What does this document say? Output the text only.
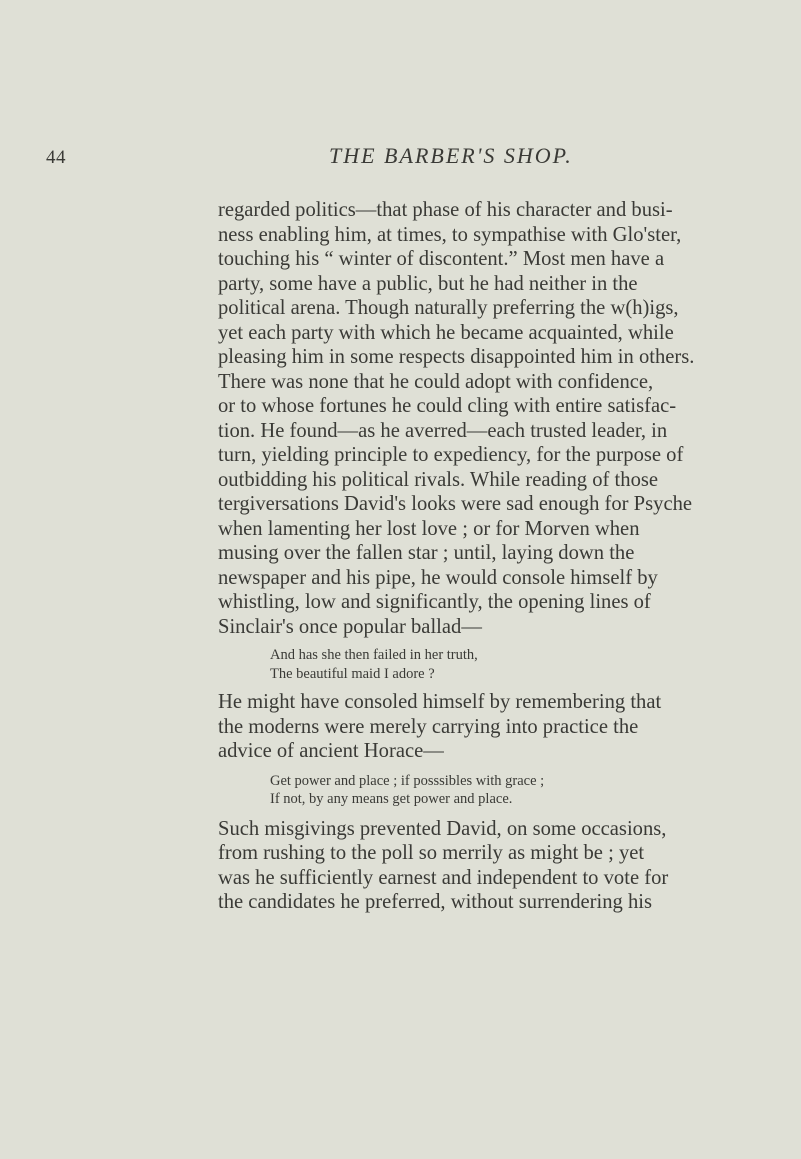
44	THE BARBER'S SHOP.
regarded politics—that phase of his character and busi-
ness enabling him, at times, to sympathise with Glo'ster,
touching his “ winter of discontent.” Most men have a
party, some have a public, but he had neither in the
political arena. Though naturally preferring the w(h)igs,
yet each party with which he became acquainted, while
pleasing him in some respects disappointed him in others.
There was none that he could adopt with confidence,
or to whose fortunes he could cling with entire satisfac-
tion. He found—as he averred—each trusted leader, in
turn, yielding principle to expediency, for the purpose of
outbidding his political rivals. While reading of those
tergiversations David's looks were sad enough for Psyche
when lamenting her lost love ; or for Morven when
musing over the fallen star ; until, laying down the
newspaper and his pipe, he would console himself by
whistling, low and significantly, the opening lines of
Sinclair's once popular ballad—
And has she then failed in her truth,
The beautiful maid I adore ?
He might have consoled himself by remembering that
the moderns were merely carrying into practice the
advice of ancient Horace—
Get power and place ; if posssibles with grace ;
If not, by any means get power and place.
Such misgivings prevented David, on some occasions,
from rushing to the poll so merrily as might be ; yet
was he sufficiently earnest and independent to vote for
the candidates he preferred, without surrendering his
